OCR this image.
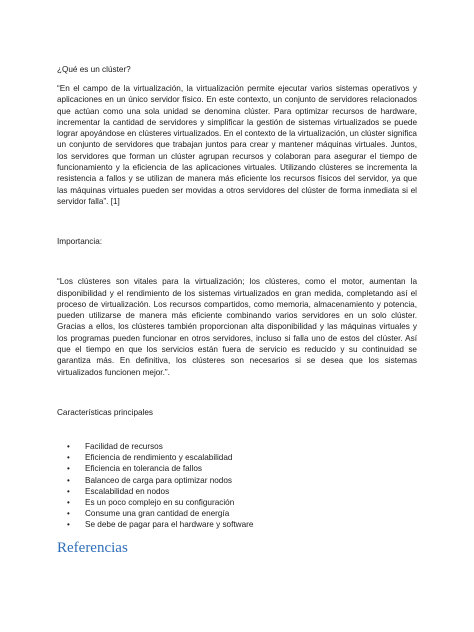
¿Qué es un clúster?

“En el campo de la virtualización, la virtualización permite ejecutar varios sistemas operativos y aplicaciones en un único servidor físico. En este contexto, un conjunto de servidores relacionados que actúan como una sola unidad se denomina clúster. Para optimizar recursos de hardware, incrementar la cantidad de servidores y simplificar la gestión de sistemas virtualizados se puede lograr apoyándose en clústeres virtualizados. En el contexto de la virtualización, un clúster significa un conjunto de servidores que trabajan juntos para crear y mantener máquinas virtuales. Juntos, los servidores que forman un clúster agrupan recursos y colaboran para asegurar el tiempo de funcionamiento y la eficiencia de las aplicaciones virtuales. Utilizando clústeres se incrementa la resistencia a fallos y se utilizan de manera más eficiente los recursos físicos del servidor, ya que las máquinas virtuales pueden ser movidas a otros servidores del clúster de forma inmediata si el servidor falla”. [1]

Importancia:

“Los clústeres son vitales para la virtualización; los clústeres, como el motor, aumentan la disponibilidad y el rendimiento de los sistemas virtualizados en gran medida, completando así el proceso de virtualización. Los recursos compartidos, como memoria, almacenamiento y potencia, pueden utilizarse de manera más eficiente combinando varios servidores en un solo clúster. Gracias a ellos, los clústeres también proporcionan alta disponibilidad y las máquinas virtuales y los programas pueden funcionar en otros servidores, incluso si falla uno de estos del clúster. Así que el tiempo en que los servicios están fuera de servicio es reducido y su continuidad se garantiza más. En definitiva, los clústeres son necesarios si se desea que los sistemas virtualizados funcionen mejor.”.

Características principales

• Facilidad de recursos
• Eficiencia de rendimiento y escalabilidad
• Eficiencia en tolerancia de fallos
• Balanceo de carga para optimizar nodos
• Escalabilidad en nodos
• Es un poco complejo en su configuración
• Consume una gran cantidad de energía
• Se debe de pagar para el hardware y software
Referencias
